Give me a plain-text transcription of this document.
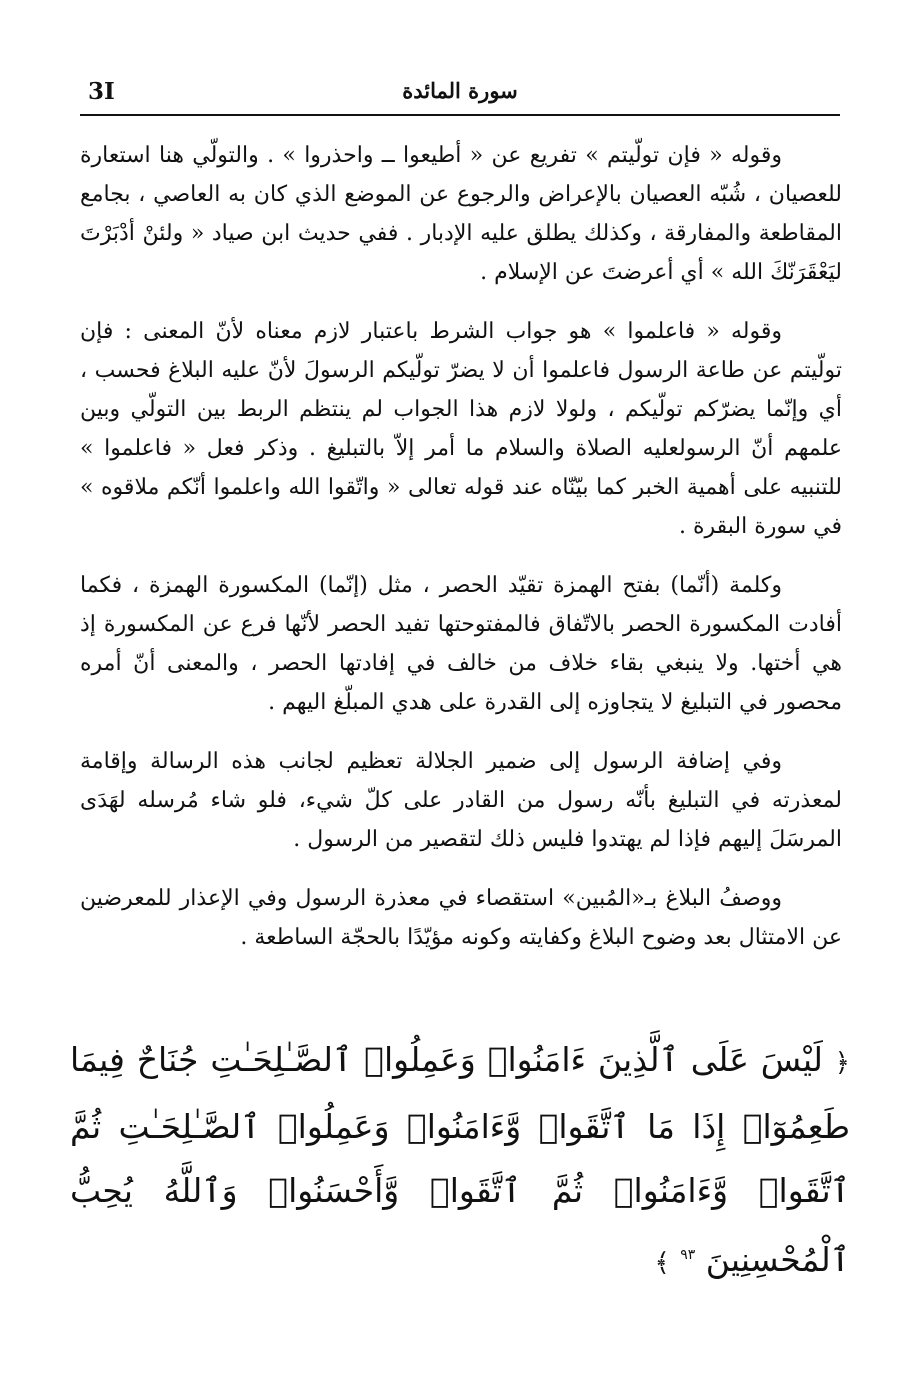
3I	سورة المائدة

وقوله « فإن تولّيتم » تفريع عن « أطيعوا ــ واحذروا » . والتولّي هنا استعارة للعصيان ، شُبّه العصيان بالإعراض والرجوع عن الموضع الذي كان به العاصي ، بجامع المقاطعة والمفارقة ، وكذلك يطلق عليه الإدبار . ففي حديث ابن صياد « ولئنْ أدْبَرْتَ ليَعْقَرَنّكَ الله » أي أعرضتَ عن الإسلام .

وقوله « فاعلموا » هو جواب الشرط باعتبار لازم معناه لأنّ المعنى : فإن تولّيتم عن طاعة الرسول فاعلموا أن لا يضرّ تولّيكم الرسولَ لأنّ عليه البلاغ فحسب ، أي وإنّما يضرّكم تولّيكم ، ولولا لازم هذا الجواب لم ينتظم الربط بين التولّي وبين علمهم أنّ الرسولعليه الصلاة والسلام ما أمر إلاّ بالتبليغ . وذكر فعل « فاعلموا » للتنبيه على أهمية الخبر كما بيّنّاه عند قوله تعالى « واتّقوا الله واعلموا أنّكم ملاقوه » في سورة البقرة .

وكلمة (أنّما) بفتح الهمزة تقيّد الحصر ، مثل (إنّما) المكسورة الهمزة ، فكما أفادت المكسورة الحصر بالاتّفاق فالمفتوحتها تفيد الحصر لأنّها فرع عن المكسورة إذ هي أختها. ولا ينبغي بقاء خلاف من خالف في إفادتها الحصر ، والمعنى أنّ أمره محصور في التبليغ لا يتجاوزه إلى القدرة على هدي المبلّغ اليهم .

وفي إضافة الرسول إلى ضمير الجلالة تعظيم لجانب هذه الرسالة وإقامة لمعذرته في التبليغ بأنّه رسول من القادر على كلّ شيء، فلو شاء مُرسله لهَدَى المرسَلَ إليهم فإذا لم يهتدوا فليس ذلك لتقصير من الرسول .

ووصفُ البلاغ بـ«المُبين» استقصاء في معذرة الرسول وفي الإعذار للمعرضين عن الامتثال بعد وضوح البلاغ وكفايته وكونه مؤيّدًا بالحجّة الساطعة .

﴿ لَيْسَ عَلَى ٱلَّذِينَ ءَامَنُوا۟ وَعَمِلُوا۟ ٱلصَّـٰلِحَـٰتِ جُنَاحٌ فِيمَا طَعِمُوٓا۟ إِذَا مَا ٱتَّقَوا۟ وَّءَامَنُوا۟ وَعَمِلُوا۟ ٱلصَّـٰلِحَـٰتِ ثُمَّ ٱتَّقَوا۟ وَّءَامَنُوا۟ ثُمَّ ٱتَّقَوا۟ وَّأَحْسَنُوا۟ وَٱللَّهُ يُحِبُّ ٱلْمُحْسِنِينَ $^{٩٣}$ ﴾
